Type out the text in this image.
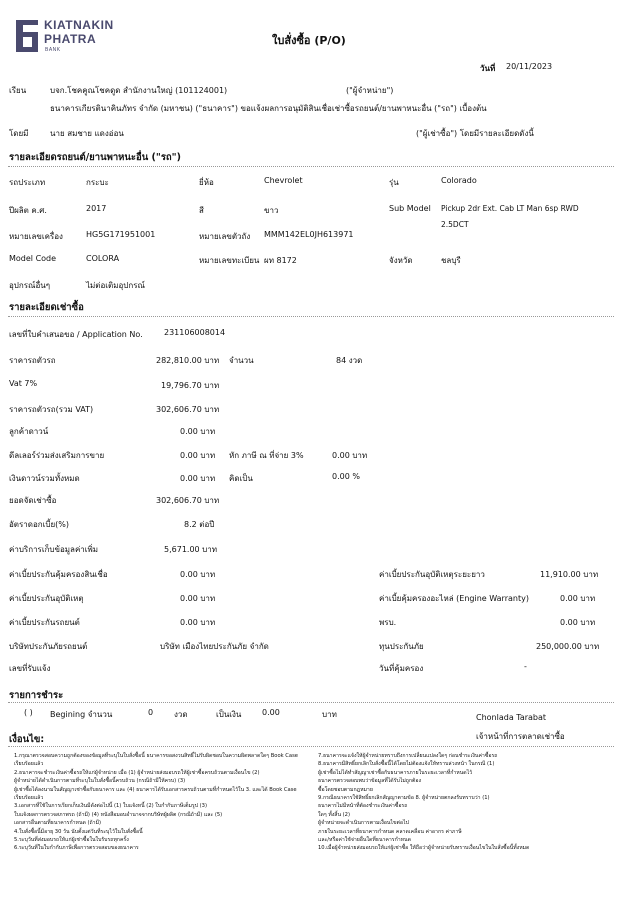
KIATNAKIN
PHATRA
BANK
ใบสั่งซื้อ (P/O)
วันที่ 20/11/2023
เรียน	บจก.โชคคูณโชคดูด สำนักงานใหญ่ (101124001)	("ผู้จำหน่าย")
ธนาคารเกียรตินาคินภัทร จำกัด (มหาชน) ("ธนาคาร") ขอแจ้งผลการอนุมัติสินเชื่อเช่าซื้อรถยนต์/ยานพาหนะอื่น ("รถ") เบื้องต้น
โดยมี	นาย สมชาย แดงอ่อน	("ผู้เช่าซื้อ") โดยมีรายละเอียดดังนี้
รายละเอียดรถยนต์/ยานพาหนะอื่น ("รถ")
รถประเภท	กระบะ	ยี่ห้อ	Chevrolet	รุ่น	Colorado
ปีผลิต ค.ศ.	2017	สี	ขาว	Sub Model Pickup 2dr Ext. Cab LT Man 6sp RWD
2.5DCT
หมายเลขเครื่อง	HG5G171951001	หมายเลขตัวถัง MMM142EL0JH613971
Model Code	COLORA	หมายเลขทะเบียน ผท 8172	จังหวัด	ชลบุรี
อุปกรณ์อื่นๆ	ไม่ต่อเติมอุปกรณ์
รายละเอียดเช่าซื้อ
เลขที่ใบคำเสนอขอ / Application No.	231106008014
ราคารถตัวรถ	282,810.00 บาท จำนวน	84 งวด
Vat 7%	19,796.70 บาท
ราคารถตัวรถ(รวม VAT)	302,606.70 บาท
ลูกค้าดาวน์	0.00 บาท
ดีลเลอร์ร่วมส่งเสริมการขาย	0.00 บาท หัก ภาษี ณ ที่จ่าย 3%	0.00 บาท
เงินดาวน์รวมทั้งหมด	0.00 บาท คิดเป็น	0.00 %
ยอดจัดเช่าซื้อ	302,606.70 บาท
อัตราดอกเบี้ย(%)	8.2 ต่อปี
ค่าบริการเก็บข้อมูลค่าเพิ่ม	5,671.00 บาท
ค่าเบี้ยประกันคุ้มครองสินเชื่อ	0.00 บาท	ค่าเบี้ยประกันอุบัติเหตุระยะยาว	11,910.00 บาท
ค่าเบี้ยประกันอุบัติเหตุ	0.00 บาท	ค่าเบี้ยคุ้มครองอะไหล่ (Engine Warranty)	0.00 บาท
ค่าเบี้ยประกันรถยนต์	0.00 บาท	พรบ.	0.00 บาท
บริษัทประกันภัยรถยนต์	บริษัท เมืองไทยประกันภัย จำกัด	ทุนประกันภัย	250,000.00 บาท
เลขที่รับแจ้ง	วันที่คุ้มครอง	-
รายการชำระ
( ) Begining จำนวน	0	งวด	เป็นเงิน	0.00	บาท	Chonlada Tarabat
เจ้าหน้าที่การตลาดเช่าซื้อ
เงื่อนไข:
1.กรุณาตรวจสอบความถูกต้องของข้อมูลที่ระบุในใบสั่งซื้อนี้ ธนาคารขอสงวนสิทธิ์ไม่รับผิดชอบในความผิดพลาดใดๆ Book Case
เรียบร้อยแล้ว
2.ธนาคารจะชำระเงินค่าซื้อรถให้แก่ผู้จำหน่าย เมื่อ (1) ผู้จำหน่ายส่งมอบรถให้ผู้เช่าซื้อครบถ้วนตามเงื่อนไข (2)
ผู้จำหน่ายได้ดำเนินการตามที่ระบุในใบสั่งซื้อนี้ครบถ้วน (กรณีถ้ามีให้ครบ) (3)
ผู้เช่าซื้อได้ลงนามในสัญญาเช่าซื้อกับธนาคาร และ (4) ธนาคารได้รับเอกสารครบถ้วนตามที่กำหนดไว้ใน 3. และได้ Book Case
เรียบร้อยแล้ว
3.เอกสารที่ใช้ในการเรียกเก็บเงินมีดังต่อไปนี้ (1) ใบแจ้งหนี้ (2) ใบกำกับภาษีเต็มรูป (3)
ใบแจ้งผลการตรวจสภาพรถ (ถ้ามี) (4) หนังสือมอบอำนาจจากบริษัทผู้ผลิต (กรณีถ้ามี) และ (5)
เอกสารอื่นตามที่ธนาคารกำหนด (ถ้ามี)
4.ใบสั่งซื้อนี้มีอายุ 30 วัน นับตั้งแต่วันที่ระบุไว้ในใบสั่งซื้อนี้
5.ระบุวันที่ส่งมอบรถให้แก่ผู้เช่าซื้อในใบรับรถทุกครั้ง
6.ระบุวันที่ในใบกำกับภาษีเพื่อการตรวจสอบของธนาคาร
7.ธนาคารจะแจ้งให้ผู้จำหน่ายทราบถึงการเปลี่ยนแปลงใดๆ ก่อนชำระเงินค่าซื้อรถ
8.ธนาคารมีสิทธิ์ยกเลิกใบสั่งซื้อนี้ได้โดยไม่ต้องแจ้งให้ทราบล่วงหน้า ในกรณี (1)
ผู้เช่าซื้อไม่ได้ทำสัญญาเช่าซื้อกับธนาคารภายในระยะเวลาที่กำหนดไว้
ธนาคารตรวจสอบพบว่าข้อมูลที่ได้รับไม่ถูกต้อง
ซื้อโดยชอบตามกฎหมาย
9.กรณีธนาคารใช้สิทธิ์ยกเลิกสัญญาตามข้อ 8. ผู้จำหน่ายตกลงรับทราบว่า (1)
ธนาคารไม่มีหน้าที่ต้องชำระเงินค่าซื้อรถ
ใดๆ ทั้งสิ้น (2)
ผู้จำหน่ายจะดำเนินการตามเงื่อนไขต่อไป
ภายในระยะเวลาที่ธนาคารกำหนด คลาดเคลื่อน ค่าอากร ค่าภาษี
และ/หรือค่าใช้จ่ายอื่นใดที่ธนาคารกำหนด
10.เมื่อผู้จำหน่ายส่งมอบรถให้แก่ผู้เช่าซื้อ ให้ถือว่าผู้จำหน่ายรับทราบเงื่อนไขในใบสั่งซื้อนี้ทั้งหมด
